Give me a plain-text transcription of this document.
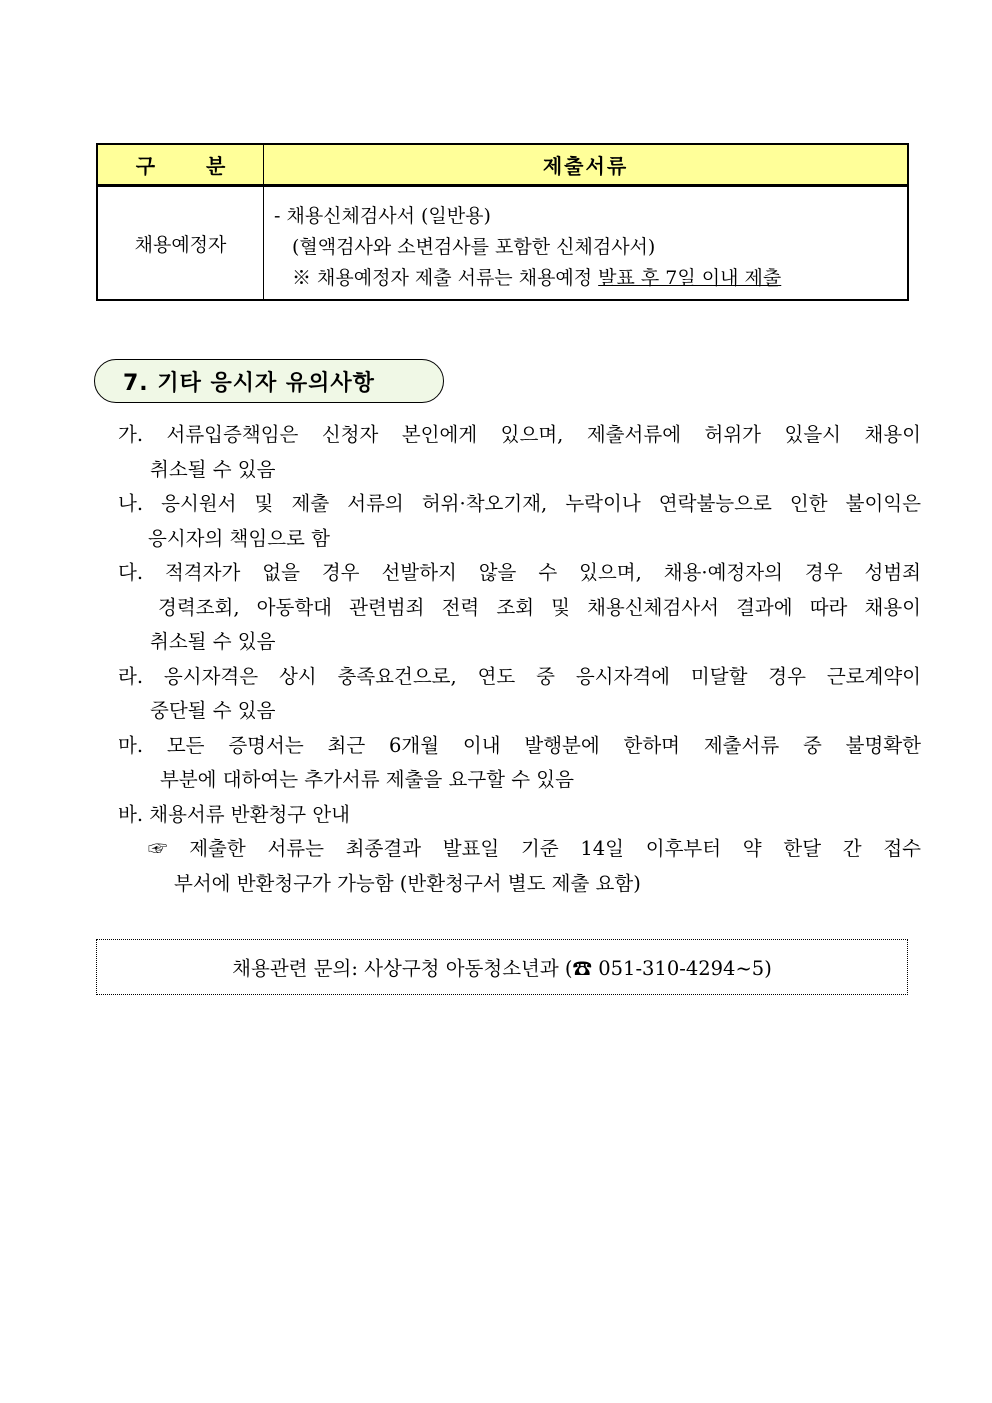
구 분	제출서류
채용예정자
- 채용신체검사서 (일반용)
(혈액검사와 소변검사를 포함한 신체검사서)
※ 채용예정자 제출 서류는 채용예정 발표 후 7일 이내 제출
7. 기타 응시자 유의사항
가. 서류입증책임은 신청자 본인에게 있으며, 제출서류에 허위가 있을시 채용이
취소될 수 있음
나. 응시원서 및 제출 서류의 허위·착오기재, 누락이나 연락불능으로 인한 불이익은
응시자의 책임으로 함
다. 적격자가 없을 경우 선발하지 않을 수 있으며, 채용·예정자의 경우 성범죄
경력조회, 아동학대 관련범죄 전력 조회 및 채용신체검사서 결과에 따라 채용이
취소될 수 있음
라. 응시자격은 상시 충족요건으로, 연도 중 응시자격에 미달할 경우 근로계약이
중단될 수 있음
마. 모든 증명서는 최근 6개월 이내 발행분에 한하며 제출서류 중 불명확한
부분에 대하여는 추가서류 제출을 요구할 수 있음
바. 채용서류 반환청구 안내
☞ 제출한 서류는 최종결과 발표일 기준 14일 이후부터 약 한달 간 접수
부서에 반환청구가 가능함 (반환청구서 별도 제출 요함)
채용관련 문의: 사상구청 아동청소년과 (☎ 051-310-4294~5)
